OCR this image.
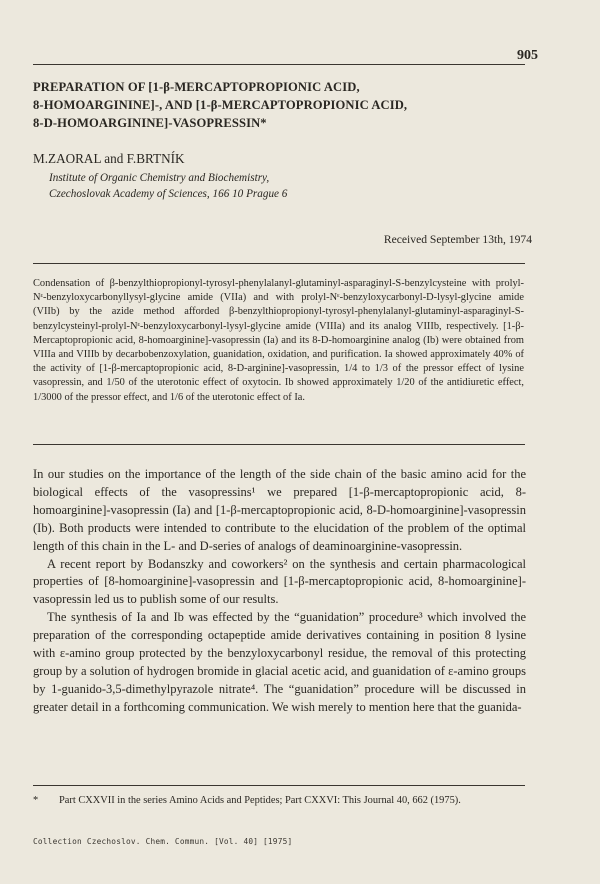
905
PREPARATION OF [1-β-MERCAPTOPROPIONIC ACID,
8-HOMOARGININE]-, AND [1-β-MERCAPTOPROPIONIC ACID,
8-D-HOMOARGININE]-VASOPRESSIN*
M.ZAORAL and F.BRTNÍK
Institute of Organic Chemistry and Biochemistry,
Czechoslovak Academy of Sciences, 166 10 Prague 6
Received September 13th, 1974
Condensation of β-benzylthiopropionyl-tyrosyl-phenylalanyl-glutaminyl-asparaginyl-S-benzylcysteine with prolyl-Nᵋ-benzyloxycarbonyllysyl-glycine amide (VIIa) and with prolyl-Nᵋ-benzyloxycarbonyl-D-lysyl-glycine amide (VIIb) by the azide method afforded β-benzylthiopropionyl-tyrosyl-phenylalanyl-glutaminyl-asparaginyl-S-benzylcysteinyl-prolyl-Nᵋ-benzyloxycarbonyl-lysyl-glycine amide (VIIIa) and its analog VIIIb, respectively. [1-β-Mercaptopropionic acid, 8-homoarginine]-vasopressin (Ia) and its 8-D-homoarginine analog (Ib) were obtained from VIIIa and VIIIb by decarbobenzoxylation, guanidation, oxidation, and purification. Ia showed approximately 40% of the activity of [1-β-mercaptopropionic acid, 8-D-arginine]-vasopressin, 1/4 to 1/3 of the pressor effect of lysine vasopressin, and 1/50 of the uterotonic effect of oxytocin. Ib showed approximately 1/20 of the antidiuretic effect, 1/3000 of the pressor effect, and 1/6 of the uterotonic effect of Ia.

In our studies on the importance of the length of the side chain of the basic amino acid for the biological effects of the vasopressins¹ we prepared [1-β-mercaptopropionic acid, 8-homoarginine]-vasopressin (Ia) and [1-β-mercaptopropionic acid, 8-D-homoarginine]-vasopressin (Ib). Both products were intended to contribute to the elucidation of the problem of the optimal length of this chain in the L- and D-series of analogs of deaminoarginine-vasopressin.

A recent report by Bodanszky and coworkers² on the synthesis and certain pharmacological properties of [8-homoarginine]-vasopressin and [1-β-mercaptopropionic acid, 8-homoarginine]-vasopressin led us to publish some of our results.

The synthesis of Ia and Ib was effected by the “guanidation” procedure³ which involved the preparation of the corresponding octapeptide amide derivatives containing in position 8 lysine with ε-amino group protected by the benzyloxycarbonyl residue, the removal of this protecting group by a solution of hydrogen bromide in glacial acetic acid, and guanidation of ε-amino groups by 1-guanido-3,5-dimethylpyrazole nitrate⁴. The “guanidation” procedure will be discussed in greater detail in a forthcoming communication. We wish merely to mention here that the guanida-

* Part CXXVII in the series Amino Acids and Peptides; Part CXXVI: This Journal 40, 662 (1975).
Collection Czechoslov. Chem. Commun. [Vol. 40] [1975]
